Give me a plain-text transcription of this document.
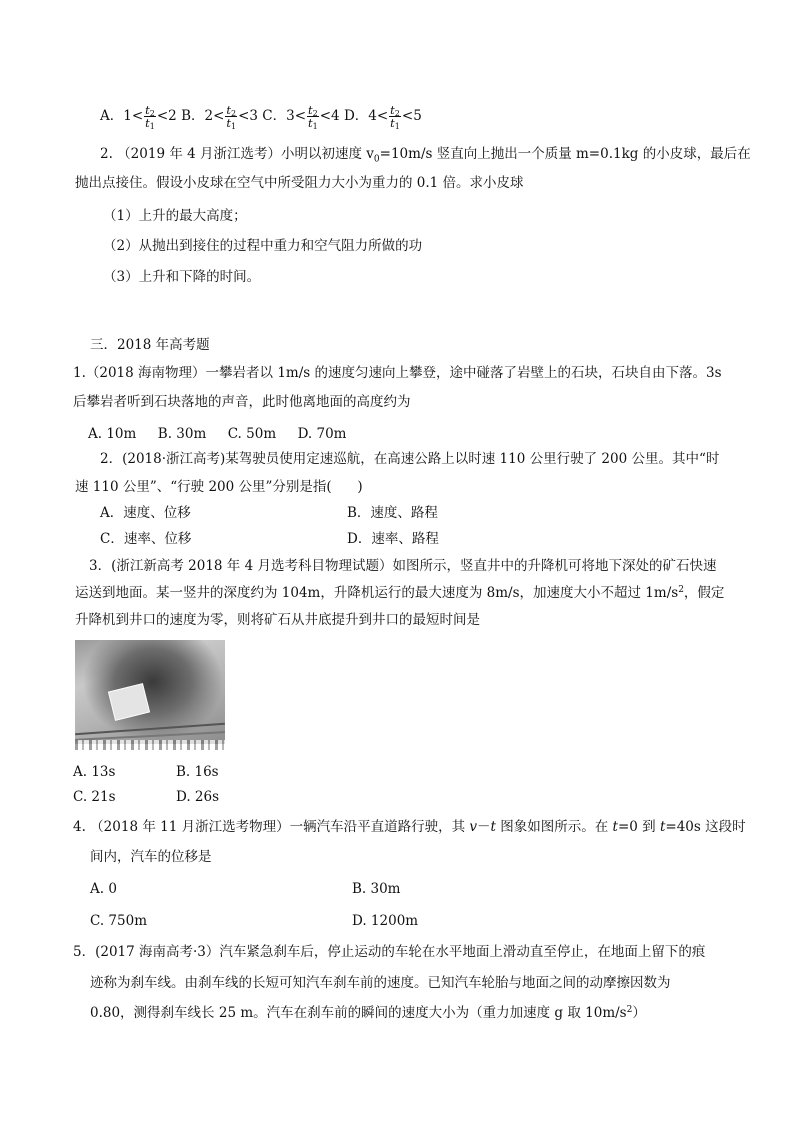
A．$1< \frac{t_2}{t_1} <2$ B．$2< \frac{t_2}{t_1} <3$ C．$3< \frac{t_2}{t_1} <4$ D．$4< \frac{t_2}{t_1} <5$
2. （2019 年 4 月浙江选考）小明以初速度 $v_0=10m/s$ 竖直向上抛出一个质量 m=0.1kg 的小皮球，最后在
抛出点接住。假设小皮球在空气中所受阻力大小为重力的 0.1 倍。求小皮球
（1）上升的最大高度；
（2）从抛出到接住的过程中重力和空气阻力所做的功
（3）上升和下降的时间。
三．2018 年高考题
1.（2018 海南物理）一攀岩者以 1m/s 的速度匀速向上攀登，途中碰落了岩壁上的石块，石块自由下落。3s
后攀岩者听到石块落地的声音，此时他离地面的高度约为
A. 10m     B. 30m     C. 50m     D. 70m
2．(2018·浙江高考)某驾驶员使用定速巡航，在高速公路上以时速 110 公里行驶了 200 公里。其中“时
速 110 公里”、“行驶 200 公里”分别是指(      )
A．速度、位移	B．速度、路程
C．速率、位移	D．速率、路程
3．(浙江新高考 2018 年 4 月选考科目物理试题）如图所示，竖直井中的升降机可将地下深处的矿石快速
运送到地面。某一竖井的深度约为 104m，升降机运行的最大速度为 8m/s，加速度大小不超过 $1m/s^2$，假定
升降机到井口的速度为零，则将矿石从井底提升到井口的最短时间是
A. 13s	B. 16s
C. 21s	D. 26s
4. （2018 年 11 月浙江选考物理）一辆汽车沿平直道路行驶，其 v－t 图象如图所示。在 t=0 到 t=40s 这段时
间内，汽车的位移是
A. 0	B. 30m
C. 750m	D. 1200m
5．(2017 海南高考·3）汽车紧急刹车后，停止运动的车轮在水平地面上滑动直至停止，在地面上留下的痕
迹称为刹车线。由刹车线的长短可知汽车刹车前的速度。已知汽车轮胎与地面之间的动摩擦因数为
0.80，测得刹车线长 25 m。汽车在刹车前的瞬间的速度大小为（重力加速度 g 取 $10m/s^2$）
